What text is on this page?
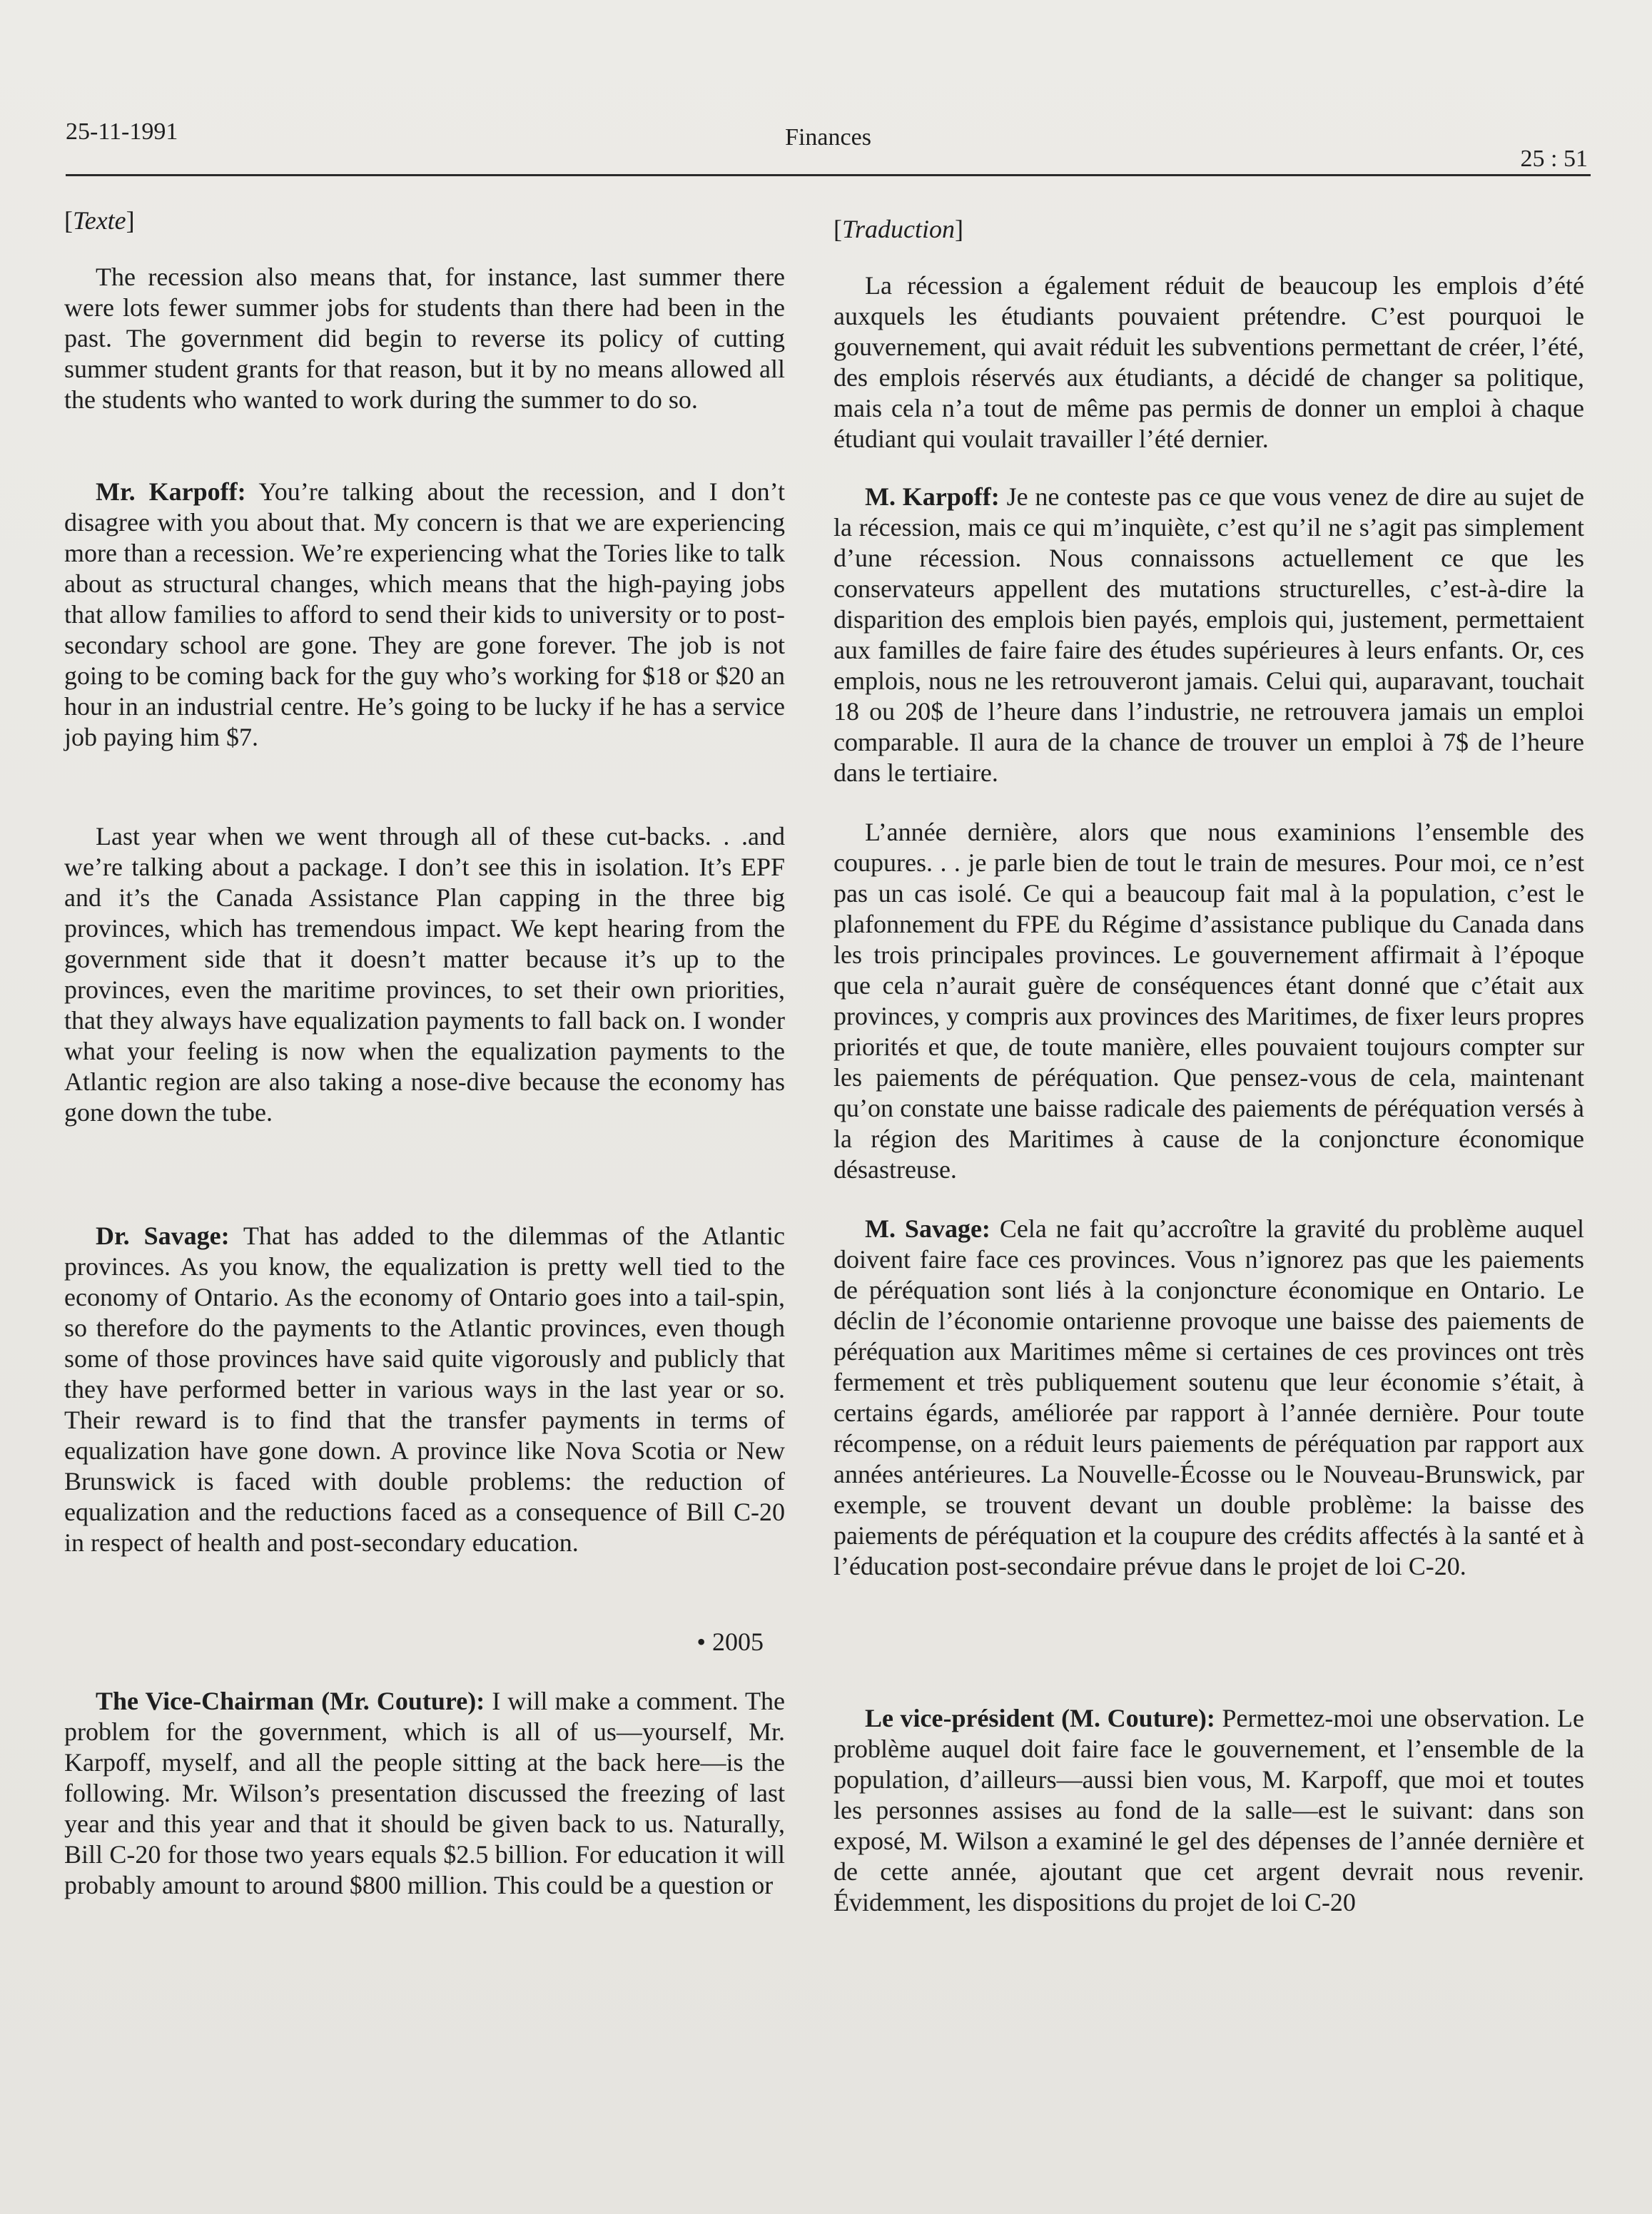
25-11-1991	Finances
25 : 51
[Texte]

The recession also means that, for instance, last summer there were lots fewer summer jobs for students than there had been in the past. The government did begin to reverse its policy of cutting summer student grants for that reason, but it by no means allowed all the students who wanted to work during the summer to do so.

Mr. Karpoff: You’re talking about the recession, and I don’t disagree with you about that. My concern is that we are experiencing more than a recession. We’re experiencing what the Tories like to talk about as structural changes, which means that the high-paying jobs that allow families to afford to send their kids to university or to post-secondary school are gone. They are gone forever. The job is not going to be coming back for the guy who’s working for $18 or $20 an hour in an industrial centre. He’s going to be lucky if he has a service job paying him $7.

Last year when we went through all of these cut-backs. . .and we’re talking about a package. I don’t see this in isolation. It’s EPF and it’s the Canada Assistance Plan capping in the three big provinces, which has tremendous impact. We kept hearing from the government side that it doesn’t matter because it’s up to the provinces, even the maritime provinces, to set their own priorities, that they always have equalization payments to fall back on. I wonder what your feeling is now when the equalization payments to the Atlantic region are also taking a nose-dive because the economy has gone down the tube.

Dr. Savage: That has added to the dilemmas of the Atlantic provinces. As you know, the equalization is pretty well tied to the economy of Ontario. As the economy of Ontario goes into a tail-spin, so therefore do the payments to the Atlantic provinces, even though some of those provinces have said quite vigorously and publicly that they have performed better in various ways in the last year or so. Their reward is to find that the transfer payments in terms of equalization have gone down. A province like Nova Scotia or New Brunswick is faced with double problems: the reduction of equalization and the reductions faced as a consequence of Bill C-20 in respect of health and post-secondary education.

• 2005

The Vice-Chairman (Mr. Couture): I will make a comment. The problem for the government, which is all of us—yourself, Mr. Karpoff, myself, and all the people sitting at the back here—is the following. Mr. Wilson’s presentation discussed the freezing of last year and this year and that it should be given back to us. Naturally, Bill C-20 for those two years equals $2.5 billion. For education it will probably amount to around $800 million. This could be a question or

[Traduction]

La récession a également réduit de beaucoup les emplois d’été auxquels les étudiants pouvaient prétendre. C’est pourquoi le gouvernement, qui avait réduit les subventions permettant de créer, l’été, des emplois réservés aux étudiants, a décidé de changer sa politique, mais cela n’a tout de même pas permis de donner un emploi à chaque étudiant qui voulait travailler l’été dernier.

M. Karpoff: Je ne conteste pas ce que vous venez de dire au sujet de la récession, mais ce qui m’inquiète, c’est qu’il ne s’agit pas simplement d’une récession. Nous connaissons actuellement ce que les conservateurs appellent des mutations structurelles, c’est-à-dire la disparition des emplois bien payés, emplois qui, justement, permettaient aux familles de faire faire des études supérieures à leurs enfants. Or, ces emplois, nous ne les retrouveront jamais. Celui qui, auparavant, touchait 18 ou 20$ de l’heure dans l’industrie, ne retrouvera jamais un emploi comparable. Il aura de la chance de trouver un emploi à 7$ de l’heure dans le tertiaire.

L’année dernière, alors que nous examinions l’ensemble des coupures. . . je parle bien de tout le train de mesures. Pour moi, ce n’est pas un cas isolé. Ce qui a beaucoup fait mal à la population, c’est le plafonnement du FPE du Régime d’assistance publique du Canada dans les trois principales provinces. Le gouvernement affirmait à l’époque que cela n’aurait guère de conséquences étant donné que c’était aux provinces, y compris aux provinces des Maritimes, de fixer leurs propres priorités et que, de toute manière, elles pouvaient toujours compter sur les paiements de péréquation. Que pensez-vous de cela, maintenant qu’on constate une baisse radicale des paiements de péréquation versés à la région des Maritimes à cause de la conjoncture économique désastreuse.

M. Savage: Cela ne fait qu’accroître la gravité du problème auquel doivent faire face ces provinces. Vous n’ignorez pas que les paiements de péréquation sont liés à la conjoncture économique en Ontario. Le déclin de l’économie ontarienne provoque une baisse des paiements de péréquation aux Maritimes même si certaines de ces provinces ont très fermement et très publiquement soutenu que leur économie s’était, à certains égards, améliorée par rapport à l’année dernière. Pour toute récompense, on a réduit leurs paiements de péréquation par rapport aux années antérieures. La Nouvelle-Écosse ou le Nouveau-Brunswick, par exemple, se trouvent devant un double problème: la baisse des paiements de péréquation et la coupure des crédits affectés à la santé et à l’éducation post-secondaire prévue dans le projet de loi C-20.

Le vice-président (M. Couture): Permettez-moi une observation. Le problème auquel doit faire face le gouvernement, et l’ensemble de la population, d’ailleurs—aussi bien vous, M. Karpoff, que moi et toutes les personnes assises au fond de la salle—est le suivant: dans son exposé, M. Wilson a examiné le gel des dépenses de l’année dernière et de cette année, ajoutant que cet argent devrait nous revenir. Évidemment, les dispositions du projet de loi C-20
